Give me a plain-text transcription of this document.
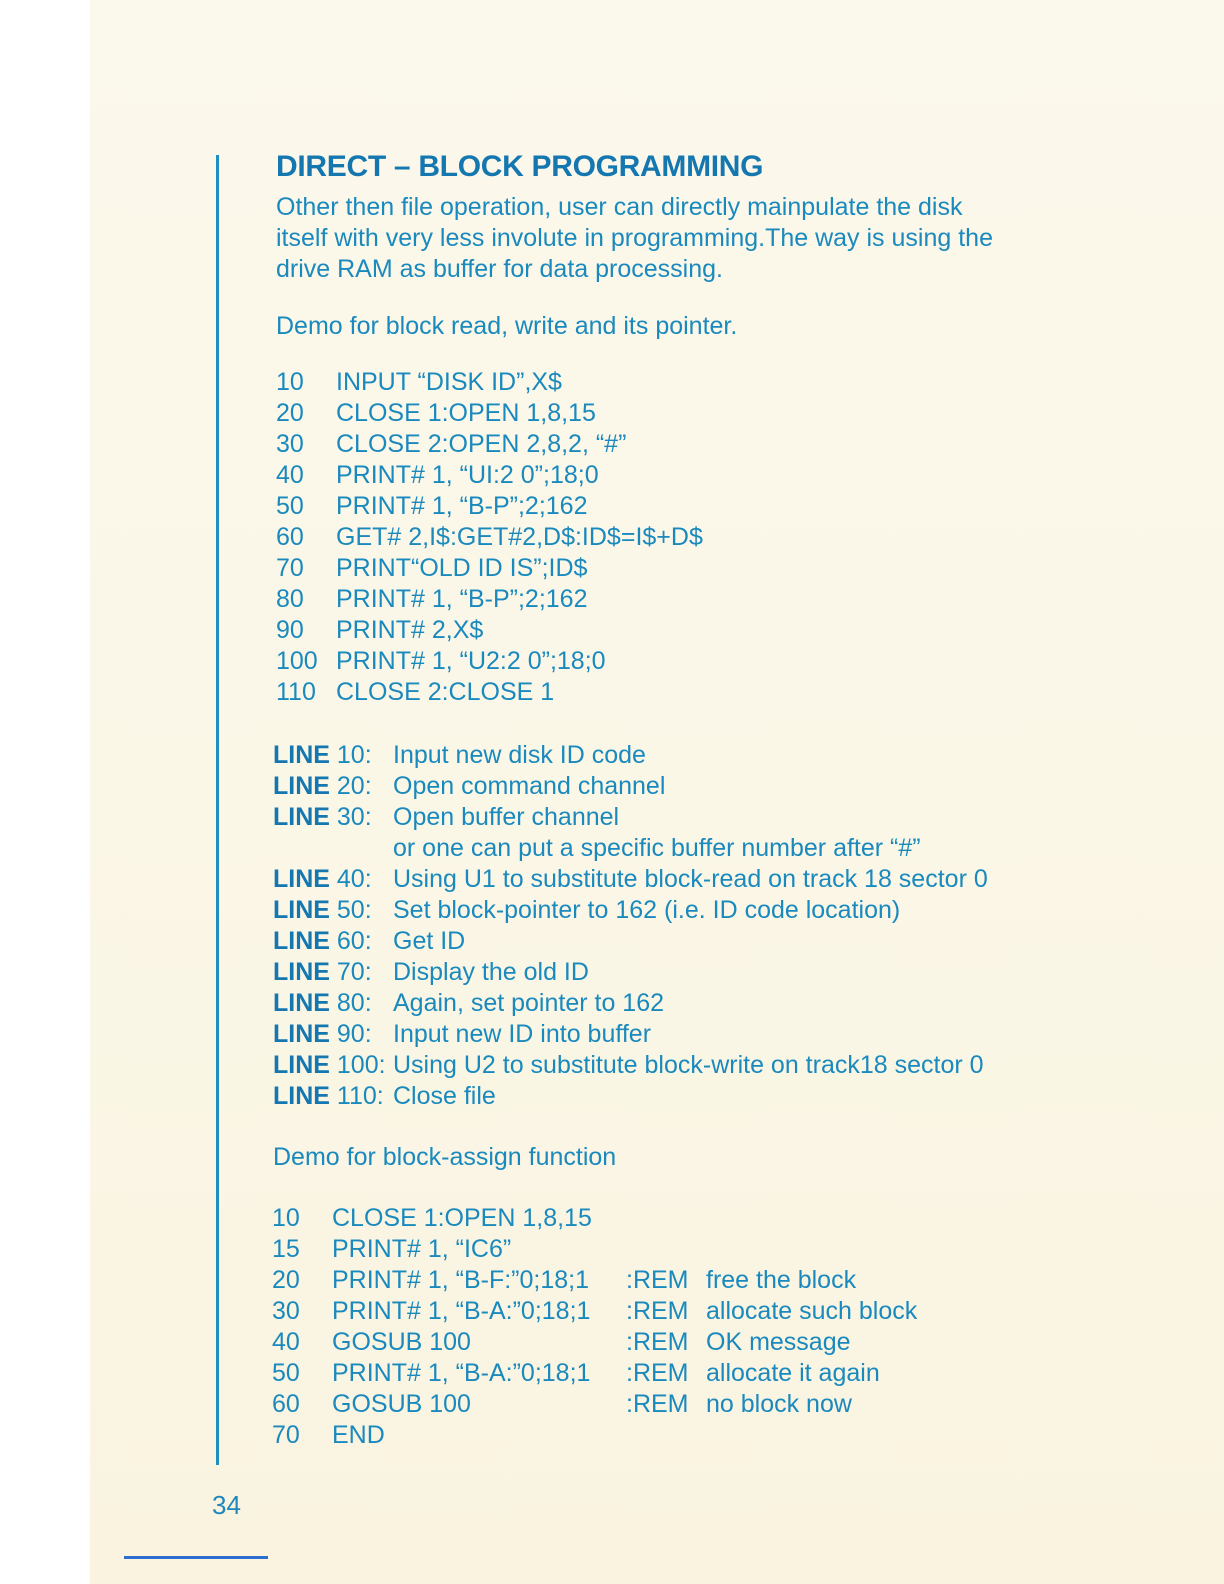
DIRECT – BLOCK PROGRAMMING

Other then file operation, user can directly mainpulate the disk

itself with very less involute in programming.The way is using the

drive RAM as buffer for data processing.

Demo for block read, write and its pointer.

10	INPUT “DISK ID”,X$
20	CLOSE 1:OPEN 1,8,15
30	CLOSE 2:OPEN 2,8,2, “#”
40	PRINT# 1, “UI:2 0”;18;0
50	PRINT# 1, “B-P”;2;162
60	GET# 2,I$:GET#2,D$:ID$=I$+D$
70	PRINT“OLD ID IS”;ID$
80	PRINT# 1, “B-P”;2;162
90	PRINT# 2,X$
100 PRINT# 1, “U2:2 0”;18;0
110 CLOSE 2:CLOSE 1
LINE 10: Input new disk ID code
LINE 20: Open command channel
LINE 30: Open buffer channel
or one can put a specific buffer number after “#”
LINE 40: Using U1 to substitute block-read on track 18 sector 0
LINE 50: Set block-pointer to 162 (i.e. ID code location)
LINE 60: Get ID
LINE 70: Display the old ID
LINE 80: Again, set pointer to 162
LINE 90: Input new ID into buffer
LINE 100: Using U2 to substitute block-write on track18 sector 0
LINE 110: Close file
Demo for block-assign function
10	CLOSE 1:OPEN 1,8,15
15	PRINT# 1, “IC6”
20	PRINT# 1, “B-F:”0;18;1	:REM free the block
30	PRINT# 1, “B-A:”0;18;1	:REM allocate such block
40	GOSUB 100	:REM OK message
50	PRINT# 1, “B-A:”0;18;1	:REM allocate it again
60	GOSUB 100	:REM no block now
70	END
34
